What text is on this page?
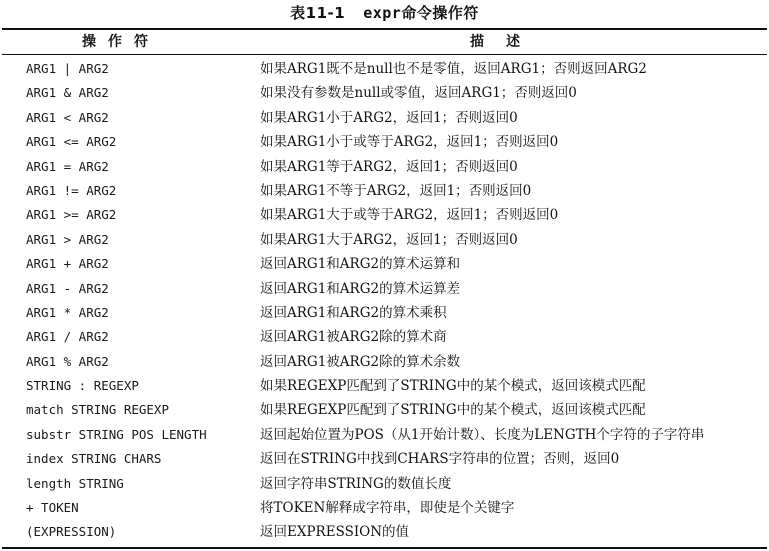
表11-1 expr命令操作符
操作符	描述
ARG1 | ARG2	如果ARG1既不是null也不是零值，返回ARG1；否则返回ARG2
ARG1 & ARG2	如果没有参数是null或零值，返回ARG1；否则返回0
ARG1 < ARG2	如果ARG1小于ARG2，返回1；否则返回0
ARG1 <= ARG2	如果ARG1小于或等于ARG2，返回1；否则返回0
ARG1 = ARG2	如果ARG1等于ARG2，返回1；否则返回0
ARG1 != ARG2	如果ARG1不等于ARG2，返回1；否则返回0
ARG1 >= ARG2	如果ARG1大于或等于ARG2，返回1；否则返回0
ARG1 > ARG2	如果ARG1大于ARG2，返回1；否则返回0
ARG1 + ARG2	返回ARG1和ARG2的算术运算和
ARG1 - ARG2	返回ARG1和ARG2的算术运算差
ARG1 * ARG2	返回ARG1和ARG2的算术乘积
ARG1 / ARG2	返回ARG1被ARG2除的算术商
ARG1 % ARG2	返回ARG1被ARG2除的算术余数
STRING : REGEXP	如果REGEXP匹配到了STRING中的某个模式，返回该模式匹配
match STRING REGEXP	如果REGEXP匹配到了STRING中的某个模式，返回该模式匹配
substr STRING POS LENGTH	返回起始位置为POS（从1开始计数）、长度为LENGTH个字符的子字符串
index STRING CHARS	返回在STRING中找到CHARS字符串的位置；否则，返回0
length STRING	返回字符串STRING的数值长度
+ TOKEN	将TOKEN解释成字符串，即使是个关键字
(EXPRESSION)	返回EXPRESSION的值
